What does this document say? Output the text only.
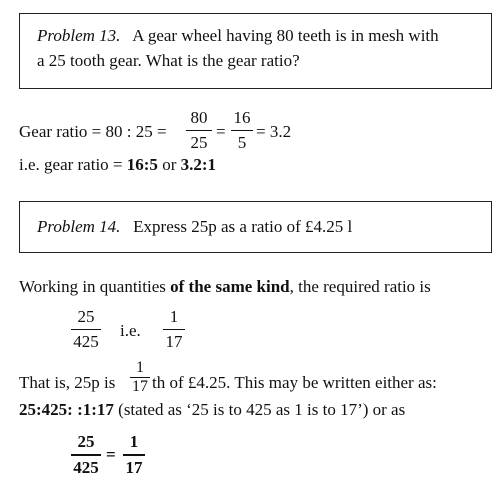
Problem 13. A gear wheel having 80 teeth is in mesh with
a 25 tooth gear. What is the gear ratio?
Gear ratio = 80 : 25 =
80
25
=
16
5
= 3.2
i.e. gear ratio = 16:5 or 3.2:1
Problem 14. Express 25p as a ratio of £4.25 l
Working in quantities of the same kind, the required ratio is
25
425
i.e.
1
17
That is, 25p is
1
17 th of £4.25. This may be written either as:
25:425: :1:17 (stated as ‘25 is to 425 as 1 is to 17’) or as
25
425
=
1
17
